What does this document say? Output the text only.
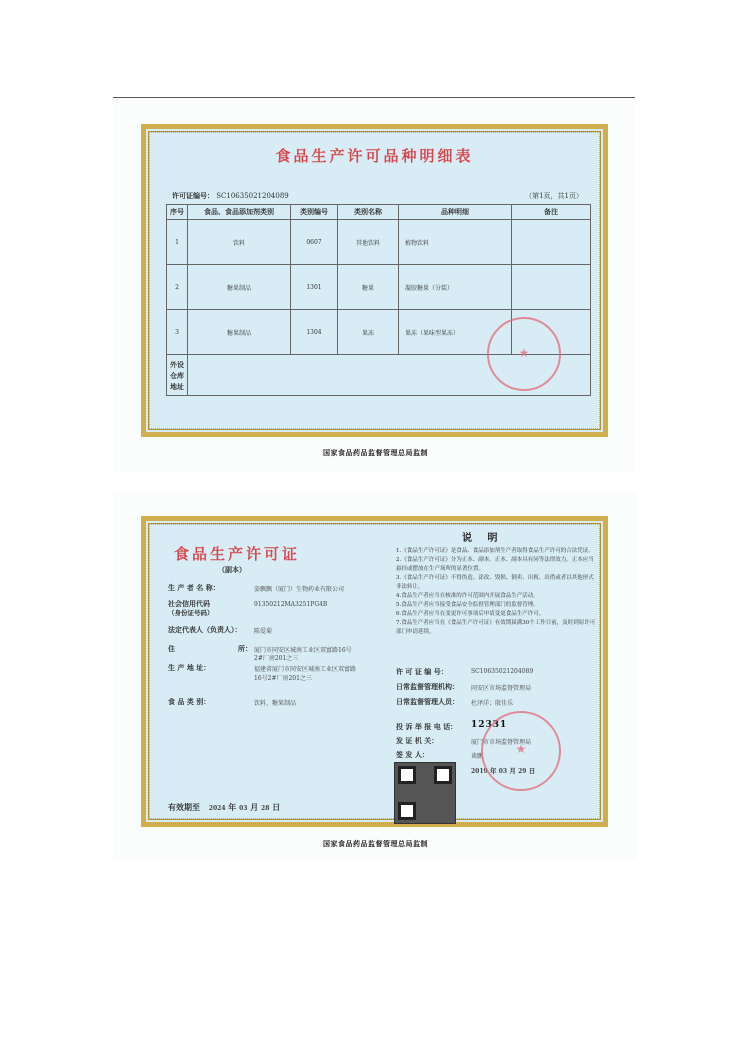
食品生产许可品种明细表
许可证编号： SC10635021204089	（第1页，共1页）
序号	食品、食品添加剂类别	类别编号	类别名称	品种明细	备注
1	饮料	0607	其他饮料	植物饮料	
2	糖果制品	1301	糖果	凝胶糖果（分装）	
3	糖果制品	1304	果冻	果冻（果味型果冻）	
外设仓库地址					
★
国家食品药品监督管理总局监制
食品生产许可证
（副本）
生 产 者 名 称：	姿飘飘（厦门）生物药业有限公司
社会信用代码
（身份证号码）
91350212MA3251PG4B
法定代表人（负责人）： 陈爱菊
住	所： 厦门市同安区城南工业区双富路16号
2#厂房201之三
生 产 地 址：	福建省厦门市同安区城南工业区双富路
16号2#厂房201之三
食 品 类 别：	饮料，糖果制品
有效期至 2024 年 03 月 28 日
说 明
1.《食品生产许可证》是食品、食品添加剂生产者取得食品生产许可的合法凭证。
2.《食品生产许可证》分为正本、副本。正本、副本具有同等法律效力。正本应当悬挂或摆放在生产场所的显著位置。
3.《食品生产许可证》不得伪造、涂改、毁损、倒卖、出租、出借或者以其他形式非法转让。
4.食品生产者应当在核准的许可范围内开展食品生产活动。
5.食品生产者应当接受食品安全监督管理部门的监督管理。
6.食品生产者应当在变更许可事项后申请变更食品生产许可。
7.食品生产者应当在《食品生产许可证》有效期届满30个工作日前，及时到原许可部门申请延续。
许 可 证 编 号：	SC10635021204089
日常监督管理机构： 同安区市场监督管理局
日常监督管理人员： 杜泽洋；殷佳乐
投 诉 举 报 电 话： 12331
发 证 机 关：	厦门市市场监督管理局
签 发 人：	谈鹏
2019 年 03 月 29 日
★
国家食品药品监督管理总局监制
